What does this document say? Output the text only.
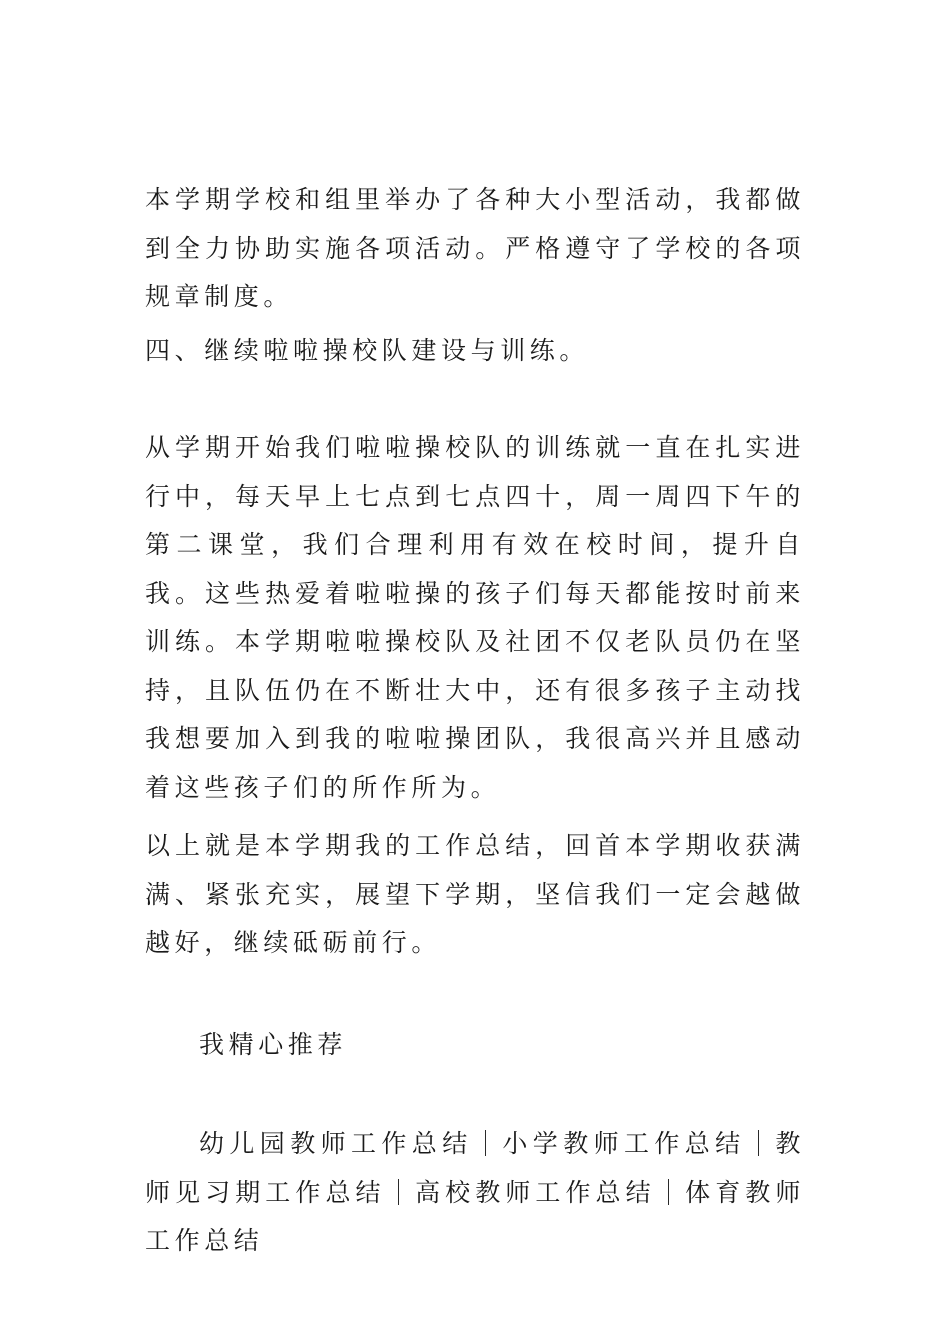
本学期学校和组里举办了各种大小型活动，我都做到全力协助实施各项活动。严格遵守了学校的各项规章制度。

四、继续啦啦操校队建设与训练。

从学期开始我们啦啦操校队的训练就一直在扎实进行中，每天早上七点到七点四十，周一周四下午的第二课堂，我们合理利用有效在校时间，提升自我。这些热爱着啦啦操的孩子们每天都能按时前来训练。本学期啦啦操校队及社团不仅老队员仍在坚持，且队伍仍在不断壮大中，还有很多孩子主动找我想要加入到我的啦啦操团队，我很高兴并且感动着这些孩子们的所作所为。

以上就是本学期我的工作总结，回首本学期收获满满、紧张充实，展望下学期，坚信我们一定会越做越好，继续砥砺前行。

我精心推荐

幼儿园教师工作总结 小学教师工作总结 教师见习期工作总结 高校教师工作总结 体育教师工作总结
